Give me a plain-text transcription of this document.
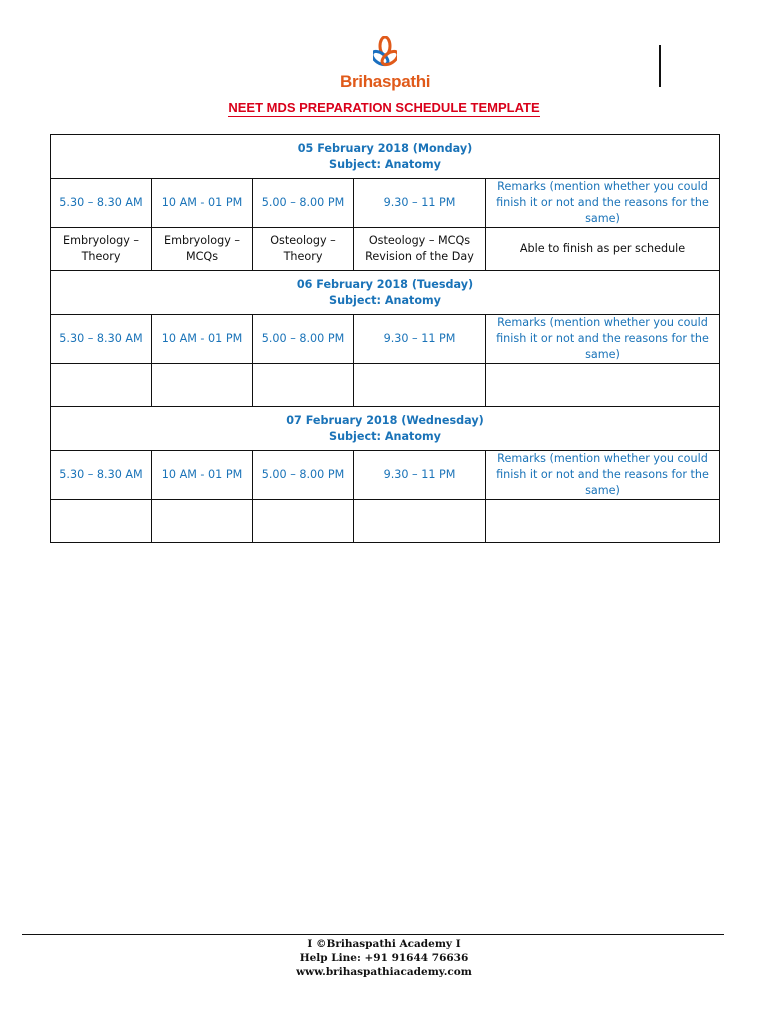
Brihaspathi
NEET MDS PREPARATION SCHEDULE TEMPLATE
05 February 2018 (Monday)
Subject: Anatomy				

5.30 – 8.30 AM	10 AM - 01 PM	5.00 – 8.00 PM	9.30 – 11 PM	Remarks (mention whether you could finish it or not and the reasons for the same)
Embryology – Theory	Embryology – MCQs	Osteology – Theory	Osteology – MCQs Revision of the Day	Able to finish as per schedule

06 February 2018 (Tuesday)
Subject: Anatomy				

5.30 – 8.30 AM	10 AM - 01 PM	5.00 – 8.00 PM	9.30 – 11 PM	Remarks (mention whether you could finish it or not and the reasons for the same)

07 February 2018 (Wednesday)
Subject: Anatomy				

5.30 – 8.30 AM	10 AM - 01 PM	5.00 – 8.00 PM	9.30 – 11 PM	Remarks (mention whether you could finish it or not and the reasons for the same)

I ©Brihaspathi Academy I
Help Line: +91 91644 76636
www.brihaspathiacademy.com
